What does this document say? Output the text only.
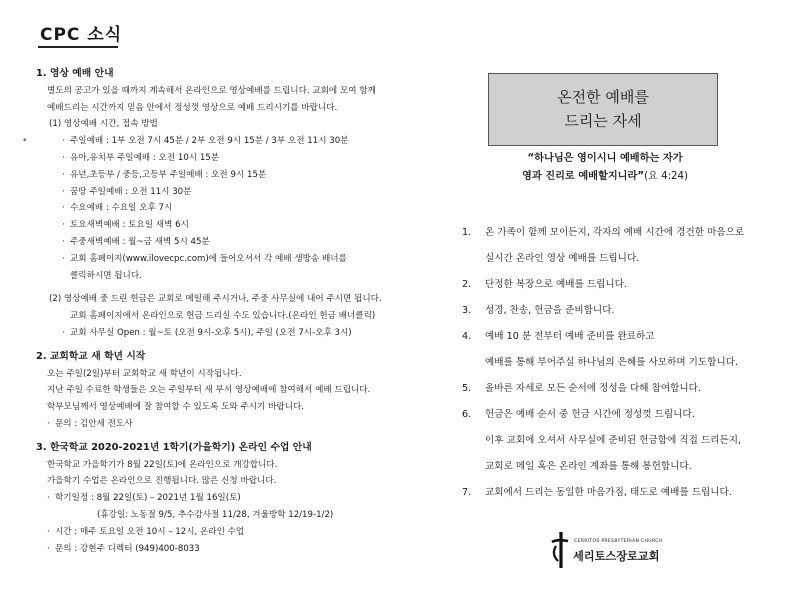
CPC 소식
•

1. 영상 예배 안내

별도의 공고가 있을 때까지 계속해서 온라인으로 영상예배를 드립니다. 교회에 모여 함께

예배드리는 시간까지 믿음 안에서 정성껏 영상으로 예배 드리시기를 바랍니다.

(1) 영상예배 시간, 접속 방법

· 주일예배 : 1부 오전 7시 45분 / 2부 오전 9시 15분 / 3부 오전 11시 30분

· 유아,유치부 주일예배 : 오전 10시 15분

· 유년,초등부 / 중등,고등부 주일예배 : 오전 9시 15분

· 꿈땅 주일예배 : 오전 11시 30분

· 수요예배 : 수요일 오후 7시

· 토요새벽예배 : 토요일 새벽 6시

· 주중새벽예배 : 월~금 새벽 5시 45분

· 교회 홈페이지(www.ilovecpc.com)에 들어오셔서 각 예배 생방송 배너를

클릭하시면 됩니다.

(2) 영상예배 중 드린 헌금은 교회로 메일해 주시거나, 주중 사무실에 내어 주시면 됩니다.

교회 홈페이지에서 온라인으로 헌금 드리실 수도 있습니다.(온라인 헌금 배너클릭)

· 교회 사무실 Open : 월~토 (오전 9시-오후 5시), 주일 (오전 7시-오후 3시)

2. 교회학교 새 학년 시작

오는 주일(2일)부터 교회학교 새 학년이 시작됩니다.

지난 주일 수료한 학생들은 오는 주일부터 새 부서 영상예배에 참여해서 예배 드립니다.

학부모님께서 영상예배에 잘 참여할 수 있도록 도와 주시기 바랍니다.

· 문의 : 김안세 전도사

3. 한국학교 2020-2021년 1학기(가을학기) 온라인 수업 안내

한국학교 가을학기가 8월 22일(토)에 온라인으로 개강합니다.

가을학기 수업은 온라인으로 진행됩니다. 많은 신청 바랍니다.

· 학기일정 : 8월 22일(토) – 2021년 1월 16일(토)

(휴강일: 노동절 9/5, 추수감사절 11/28, 겨울방학 12/19-1/2)

· 시간 : 매주 토요일 오전 10시 – 12시, 온라인 수업

· 문의 : 강현주 디렉터 (949)400-8033

온전한 예배를
드리는 자세
“하나님은 영이시니 예배하는 자가
영과 진리로 예배할지니라”(요 4:24)
1.	온 가족이 함께 모이든지, 각자의 예배 시간에 경건한 마음으로
실시간 온라인 영상 예배를 드립니다.
2.	단정한 복장으로 예배를 드립니다.
3.	성경, 찬송, 헌금을 준비합니다.
4.	예배 10 분 전부터 예배 준비를 완료하고
예배를 통해 부어주실 하나님의 은혜를 사모하며 기도합니다.
5.	올바른 자세로 모든 순서에 정성을 다해 참여합니다.
6.	헌금은 예배 순서 중 헌금 시간에 정성껏 드립니다.
이후 교회에 오셔서 사무실에 준비된 헌금함에 직접 드리든지,
교회로 메일 혹은 온라인 계좌를 통해 봉헌합니다.
7.	교회에서 드리는 동일한 마음가짐, 태도로 예배를 드립니다.
CERRITOS PRESBYTERIAN CHURCH
세리토스장로교회
